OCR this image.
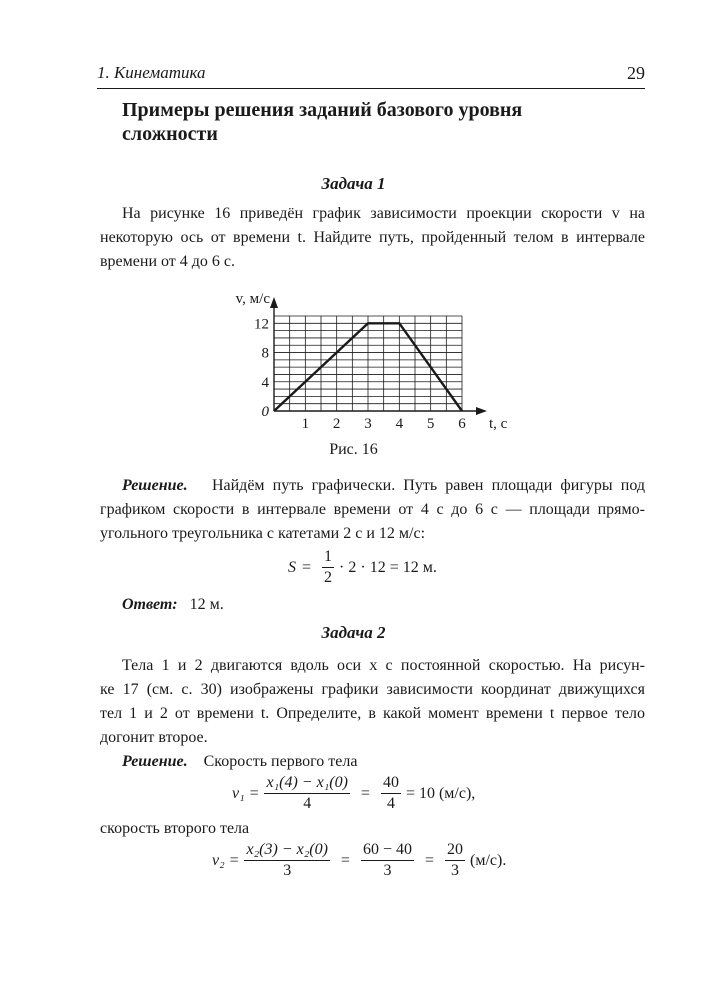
1. Кинематика	29
Примеры решения заданий базового уровня сложности
Задача 1
На рисунке 16 приведён график зависимости проекции скорости v на
некоторую ось от времени t. Найдите путь, пройденный телом в интервале
времени от 4 до 6 с.
1 2 3 4 5 6
4
8
12
0
v, м/с
t, с
Рис. 16
Решение. Найдём путь графически. Путь равен площади фигуры под
графиком скорости в интервале времени от 4 с до 6 с — площади прямо-
угольного треугольника с катетами 2 с и 12 м/с:
$S = \frac{1}{2} \cdot 2 \cdot 12 = 12$ м.
Ответ: 12 м.
Задача 2
Тела 1 и 2 двигаются вдоль оси x с постоянной скоростью. На рисун-
ке 17 (см. с. 30) изображены графики зависимости координат движущихся
тел 1 и 2 от времени t. Определите, в какой момент времени t первое тело
догонит второе.
Решение. Скорость первого тела
$v_1 = \frac{\text{x₁(4) − x₁(0)}}{4} = \frac{40}{4} = 10$ (м/с),
скорость второго тела
$v_2 = \frac{\text{x₂(3) − x₂(0)}}{3} = \frac{60 - 40}{3} = \frac{20}{3} (м/с)$.
